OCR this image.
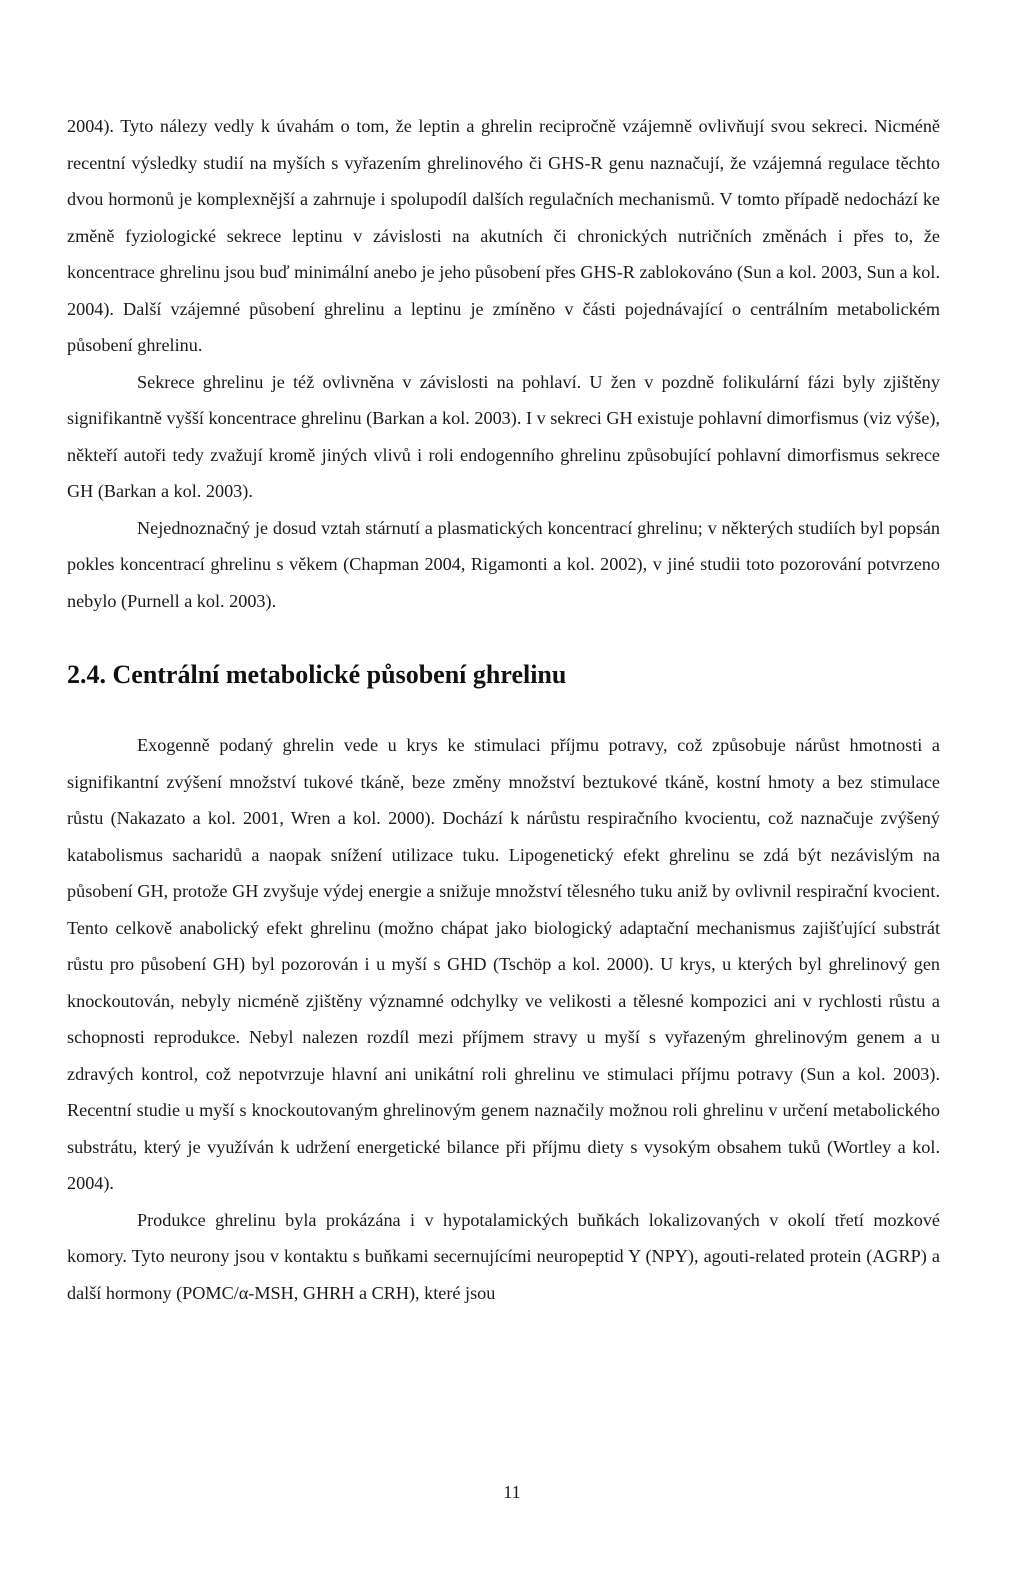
2004). Tyto nálezy vedly k úvahám o tom, že leptin a ghrelin recipročně vzájemně ovlivňují svou sekreci. Nicméně recentní výsledky studií na myších s vyřazením ghrelinového či GHS-R genu naznačují, že vzájemná regulace těchto dvou hormonů je komplexnější a zahrnuje i spolupodíl dalších regulačních mechanismů. V tomto případě nedochází ke změně fyziologické sekrece leptinu v závislosti na akutních či chronických nutričních změnách i přes to, že koncentrace ghrelinu jsou buď minimální anebo je jeho působení přes GHS-R zablokováno (Sun a kol. 2003, Sun a kol. 2004). Další vzájemné působení ghrelinu a leptinu je zmíněno v části pojednávající o centrálním metabolickém působení ghrelinu.

Sekrece ghrelinu je též ovlivněna v závislosti na pohlaví. U žen v pozdně folikulární fázi byly zjištěny signifikantně vyšší koncentrace ghrelinu (Barkan a kol. 2003). I v sekreci GH existuje pohlavní dimorfismus (viz výše), někteří autoři tedy zvažují kromě jiných vlivů i roli endogenního ghrelinu způsobující pohlavní dimorfismus sekrece GH (Barkan a kol. 2003).

Nejednoznačný je dosud vztah stárnutí a plasmatických koncentrací ghrelinu; v některých studiích byl popsán pokles koncentrací ghrelinu s věkem (Chapman 2004, Rigamonti a kol. 2002), v jiné studii toto pozorování potvrzeno nebylo (Purnell a kol. 2003).

2.4. Centrální metabolické působení ghrelinu

Exogenně podaný ghrelin vede u krys ke stimulaci příjmu potravy, což způsobuje nárůst hmotnosti a signifikantní zvýšení množství tukové tkáně, beze změny množství beztukové tkáně, kostní hmoty a bez stimulace růstu (Nakazato a kol. 2001, Wren a kol. 2000). Dochází k nárůstu respiračního kvocientu, což naznačuje zvýšený katabolismus sacharidů a naopak snížení utilizace tuku. Lipogenetický efekt ghrelinu se zdá být nezávislým na působení GH, protože GH zvyšuje výdej energie a snižuje množství tělesného tuku aniž by ovlivnil respirační kvocient. Tento celkově anabolický efekt ghrelinu (možno chápat jako biologický adaptační mechanismus zajišťující substrát růstu pro působení GH) byl pozorován i u myší s GHD (Tschöp a kol. 2000). U krys, u kterých byl ghrelinový gen knockoutován, nebyly nicméně zjištěny významné odchylky ve velikosti a tělesné kompozici ani v rychlosti růstu a schopnosti reprodukce. Nebyl nalezen rozdíl mezi příjmem stravy u myší s vyřazeným ghrelinovým genem a u zdravých kontrol, což nepotvrzuje hlavní ani unikátní roli ghrelinu ve stimulaci příjmu potravy (Sun a kol. 2003). Recentní studie u myší s knockoutovaným ghrelinovým genem naznačily možnou roli ghrelinu v určení metabolického substrátu, který je využíván k udržení energetické bilance při příjmu diety s vysokým obsahem tuků (Wortley a kol. 2004).

Produkce ghrelinu byla prokázána i v hypotalamických buňkách lokalizovaných v okolí třetí mozkové komory. Tyto neurony jsou v kontaktu s buňkami secernujícími neuropeptid Y (NPY), agouti-related protein (AGRP) a další hormony (POMC/α-MSH, GHRH a CRH), které jsou

11
